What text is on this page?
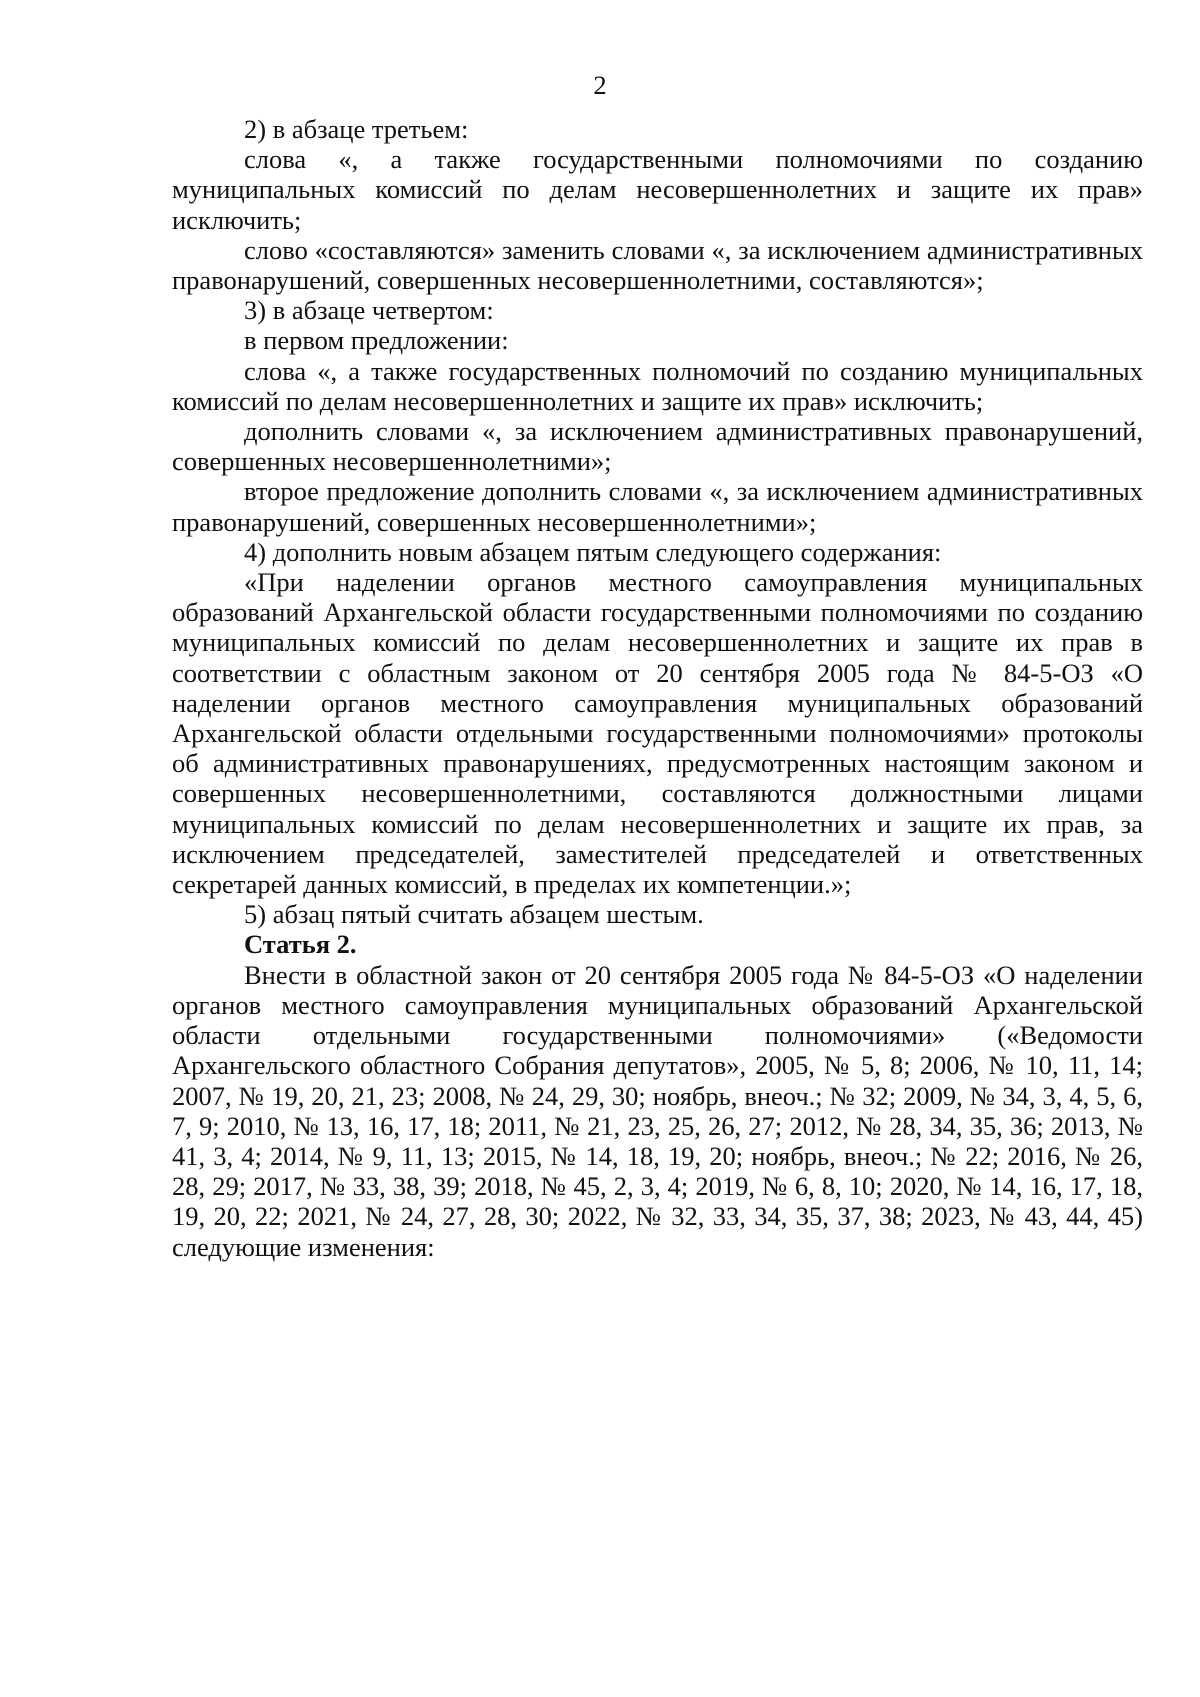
2

2) в абзаце третьем:

слова «, а также государственными полномочиями по созданию муниципальных комиссий по делам несовершеннолетних и защите их прав» исключить;

слово «составляются» заменить словами «, за исключением административных правонарушений, совершенных несовершеннолетними, составляются»;

3) в абзаце четвертом:

в первом предложении:

слова «, а также государственных полномочий по созданию муниципальных комиссий по делам несовершеннолетних и защите их прав» исключить;

дополнить словами «, за исключением административных правонарушений, совершенных несовершеннолетними»;

второе предложение дополнить словами «, за исключением административных правонарушений, совершенных несовершеннолетними»;

4) дополнить новым абзацем пятым следующего содержания:

«При наделении органов местного самоуправления муниципальных образований Архангельской области государственными полномочиями по созданию муниципальных комиссий по делам несовершеннолетних и защите их прав в соответствии с областным законом от 20 сентября 2005 года № 84-5-ОЗ «О наделении органов местного самоуправления муниципальных образований Архангельской области отдельными государственными полномочиями» протоколы об административных правонарушениях, предусмотренных настоящим законом и совершенных несовершеннолетними, составляются должностными лицами муниципальных комиссий по делам несовершеннолетних и защите их прав, за исключением председателей, заместителей председателей и ответственных секретарей данных комиссий, в пределах их компетенции.»;

5) абзац пятый считать абзацем шестым.

Статья 2.

Внести в областной закон от 20 сентября 2005 года № 84-5-ОЗ «О наделении органов местного самоуправления муниципальных образований Архангельской области отдельными государственными полномочиями» («Ведомости Архангельского областного Собрания депутатов», 2005, № 5, 8; 2006, № 10, 11, 14; 2007, № 19, 20, 21, 23; 2008, № 24, 29, 30; ноябрь, внеоч.; № 32; 2009, № 34, 3, 4, 5, 6, 7, 9; 2010, № 13, 16, 17, 18; 2011, № 21, 23, 25, 26, 27; 2012, № 28, 34, 35, 36; 2013, № 41, 3, 4; 2014, № 9, 11, 13; 2015, № 14, 18, 19, 20; ноябрь, внеоч.; № 22; 2016, № 26, 28, 29; 2017, № 33, 38, 39; 2018, № 45, 2, 3, 4; 2019, № 6, 8, 10; 2020, № 14, 16, 17, 18, 19, 20, 22; 2021, № 24, 27, 28, 30; 2022, № 32, 33, 34, 35, 37, 38; 2023, № 43, 44, 45) следующие изменения:
